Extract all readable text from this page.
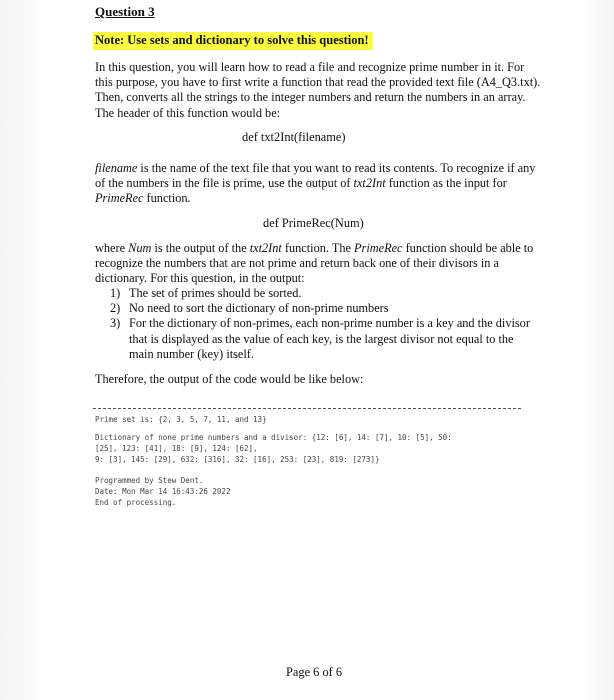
Question 3
Note: Use sets and dictionary to solve this question!

In this question, you will learn how to read a file and recognize prime number in it. For this purpose, you have to first write a function that read the provided text file (A4_Q3.txt). Then, converts all the strings to the integer numbers and return the numbers in an array. The header of this function would be:

def txt2Int(filename)

filename is the name of the text file that you want to read its contents. To recognize if any of the numbers in the file is prime, use the output of txt2Int function as the input for PrimeRec function.

def PrimeRec(Num)

where Num is the output of the txt2Int function. The PrimeRec function should be able to recognize the numbers that are not prime and return back one of their divisors in a dictionary. For this question, in the output:

1) The set of primes should be sorted.
2) No need to sort the dictionary of non-prime numbers
3) For the dictionary of non-primes, each non-prime number is a key and the divisor that is displayed as the value of each key, is the largest divisor not equal to the main number (key) itself.

Therefore, the output of the code would be like below:

Prime set is: {2, 3, 5, 7, 11, and 13}
Dictionary of none prime numbers and a divisor: {12: [6], 14: [7], 10: [5], 50:
[25], 123: [41], 18: [9], 124: [62],
9: [3], 145: [29], 632: [316], 32: [16], 253: [23], 819: [273]}
Programmed by Stew Dent.
Date: Mon Mar 14 16:43:26 2022
End of processing.

Page 6 of 6
